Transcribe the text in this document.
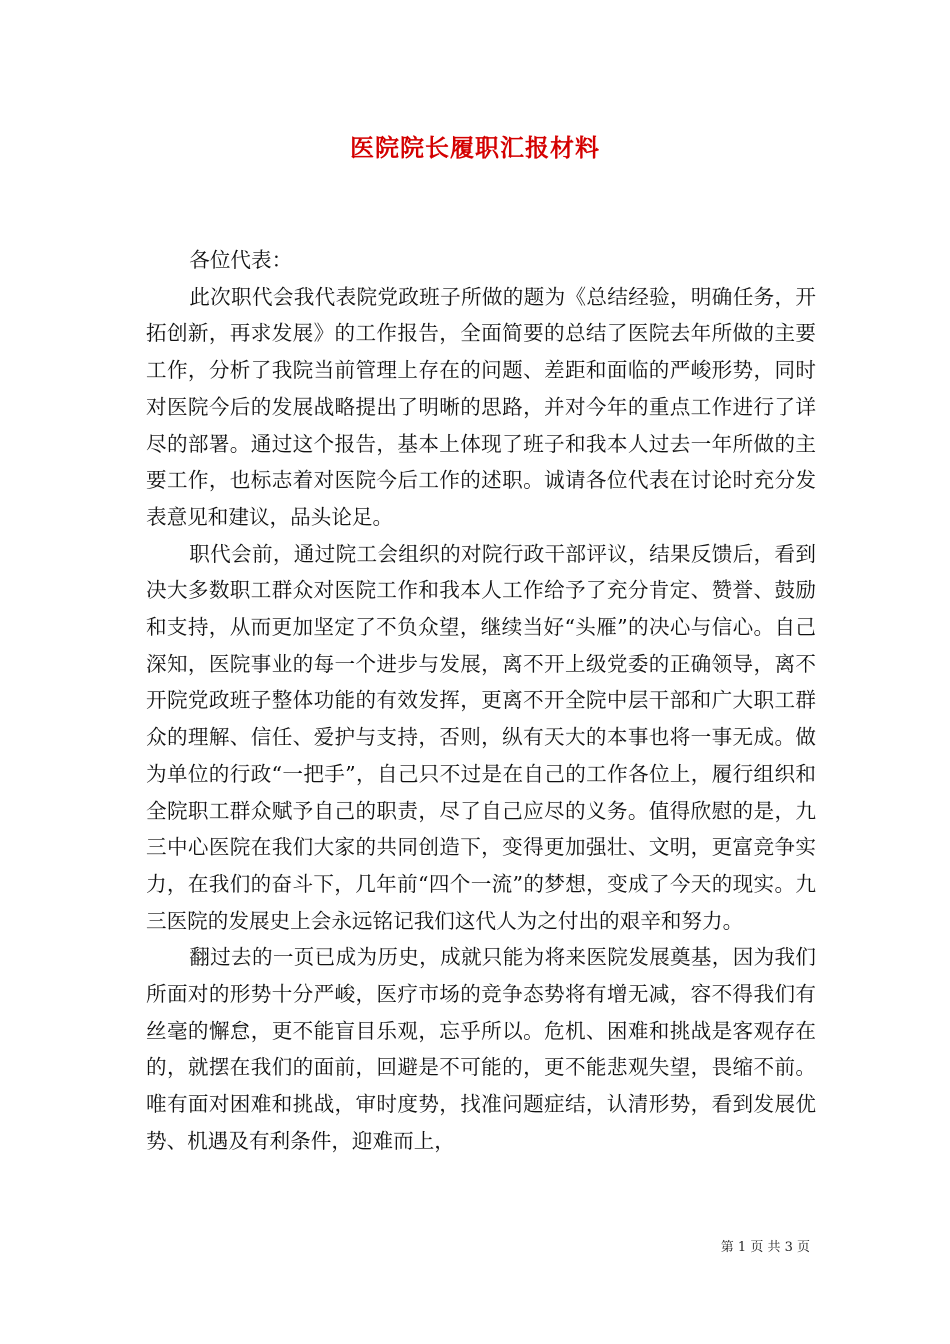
医院院长履职汇报材料

各位代表：

此次职代会我代表院党政班子所做的题为《总结经验，明确任务，开拓创新，再求发展》的工作报告，全面简要的总结了医院去年所做的主要工作，分析了我院当前管理上存在的问题、差距和面临的严峻形势，同时对医院今后的发展战略提出了明晰的思路，并对今年的重点工作进行了详尽的部署。通过这个报告，基本上体现了班子和我本人过去一年所做的主要工作，也标志着对医院今后工作的述职。诚请各位代表在讨论时充分发表意见和建议，品头论足。

职代会前，通过院工会组织的对院行政干部评议，结果反馈后，看到决大多数职工群众对医院工作和我本人工作给予了充分肯定、赞誉、鼓励和支持，从而更加坚定了不负众望，继续当好“头雁”的决心与信心。自己深知，医院事业的每一个进步与发展，离不开上级党委的正确领导，离不开院党政班子整体功能的有效发挥，更离不开全院中层干部和广大职工群众的理解、信任、爱护与支持，否则，纵有天大的本事也将一事无成。做为单位的行政“一把手”，自己只不过是在自己的工作各位上，履行组织和全院职工群众赋予自己的职责，尽了自己应尽的义务。值得欣慰的是，九三中心医院在我们大家的共同创造下，变得更加强壮、文明，更富竞争实力，在我们的奋斗下，几年前“四个一流”的梦想，变成了今天的现实。九三医院的发展史上会永远铭记我们这代人为之付出的艰辛和努力。

翻过去的一页已成为历史，成就只能为将来医院发展奠基，因为我们所面对的形势十分严峻，医疗市场的竞争态势将有增无减，容不得我们有丝毫的懈怠，更不能盲目乐观，忘乎所以。危机、困难和挑战是客观存在的，就摆在我们的面前，回避是不可能的，更不能悲观失望，畏缩不前。唯有面对困难和挑战，审时度势，找准问题症结，认清形势，看到发展优势、机遇及有利条件，迎难而上，

第 1 页 共 3 页
